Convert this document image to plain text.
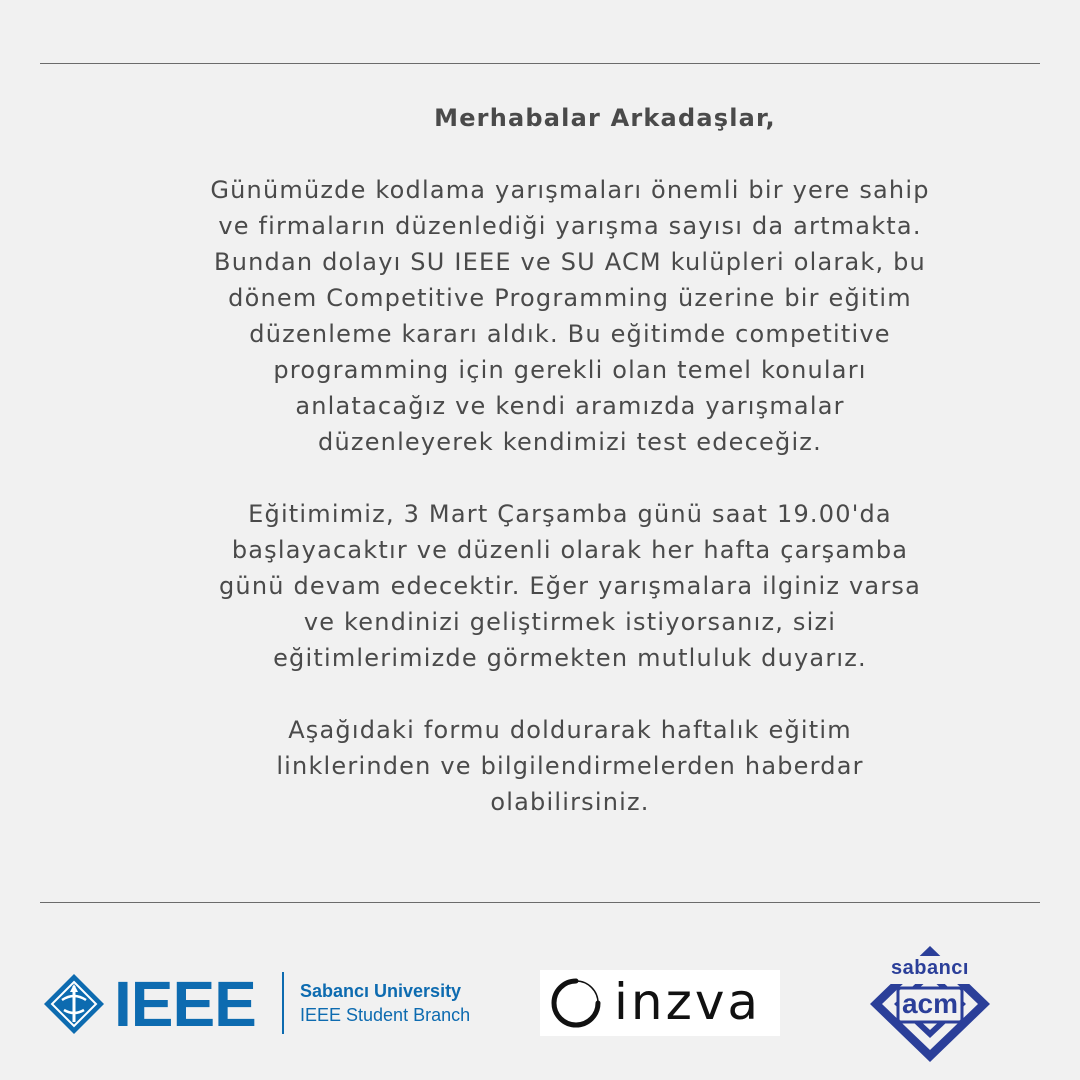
Merhabalar Arkadaşlar,

Günümüzde kodlama yarışmaları önemli bir yere sahip
ve firmaların düzenlediği yarışma sayısı da artmakta.
Bundan dolayı SU IEEE ve SU ACM kulüpleri olarak, bu
dönem Competitive Programming üzerine bir eğitim
düzenleme kararı aldık. Bu eğitimde competitive
programming için gerekli olan temel konuları
anlatacağız ve kendi aramızda yarışmalar
düzenleyerek kendimizi test edeceğiz.

Eğitimimiz, 3 Mart Çarşamba günü saat 19.00'da
başlayacaktır ve düzenli olarak her hafta çarşamba
günü devam edecektir. Eğer yarışmalara ilginiz varsa
ve kendinizi geliştirmek istiyorsanız, sizi
eğitimlerimizde görmekten mutluluk duyarız.

Aşağıdaki formu doldurarak haftalık eğitim
linklerinden ve bilgilendirmelerden haberdar
olabilirsiniz.

IEEE Sabancı University
IEEE Student Branch	inzva
sabancı
acm
